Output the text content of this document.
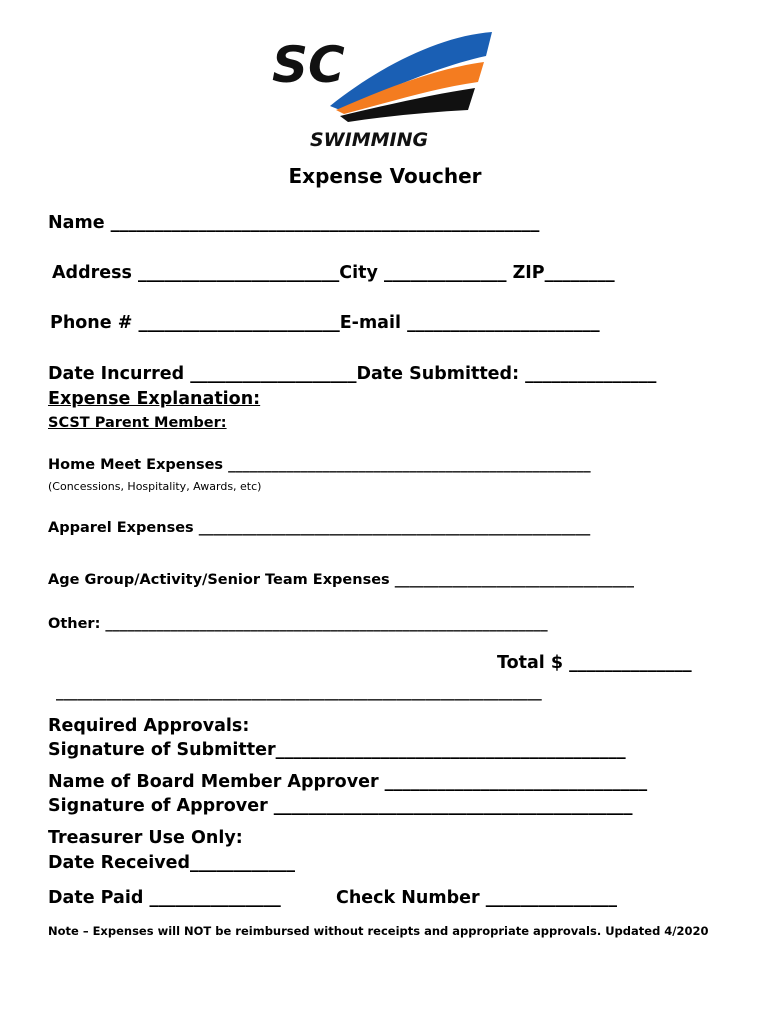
SC
SWIMMING
Expense Voucher
Name _________________________________________________
Address _______________________City ______________ ZIP________
Phone # _______________________E-mail ______________________
Date Incurred ___________________Date Submitted: _______________
Expense Explanation:
SCST Parent Member:
Home Meet Expenses __________________________________________________
(Concessions, Hospitality, Awards, etc)
Apparel Expenses ______________________________________________________
Age Group/Activity/Senior Team Expenses _________________________________
Other: _____________________________________________________________
Total $ ______________
___________________________________________________________________
Required Approvals:
Signature of Submitter________________________________________
Name of Board Member Approver ______________________________
Signature of Approver _________________________________________
Treasurer Use Only:
Date Received____________
Date Paid _______________	Check Number _______________
Note – Expenses will NOT be reimbursed without receipts and appropriate approvals. Updated 4/2020
